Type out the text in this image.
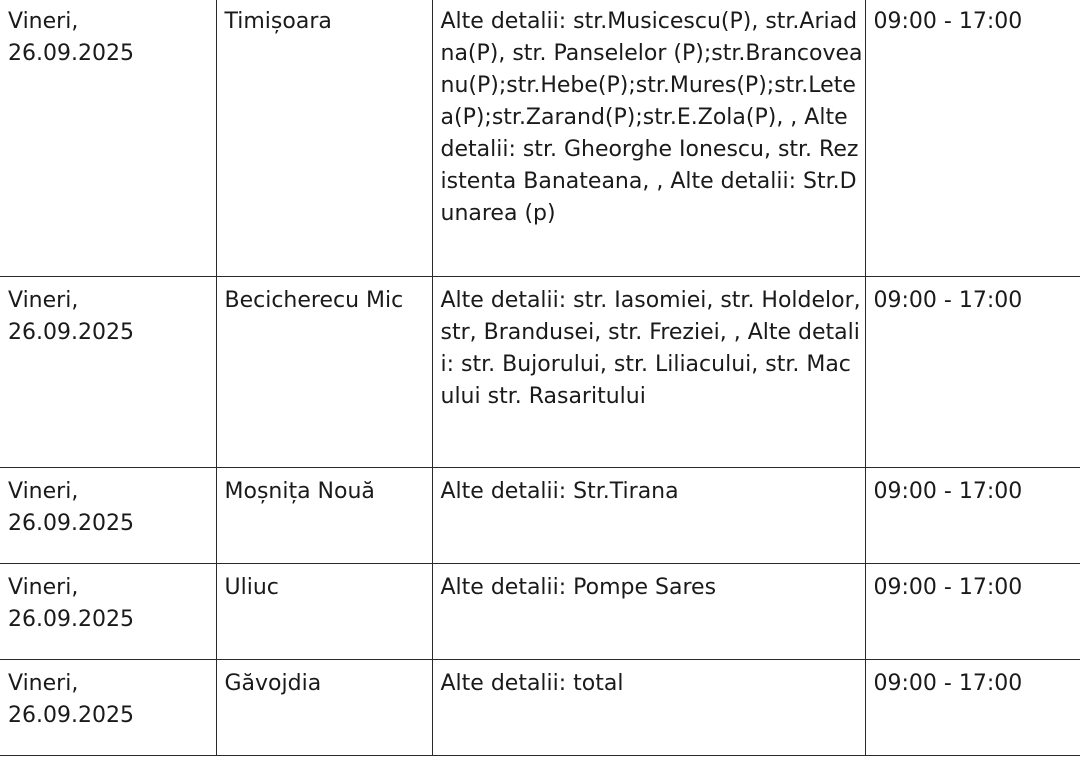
Vineri,
26.09.2025	Timișoara	Alte detalii: str.Musicescu(P), str.Ariadna(P), str. Panselelor (P);str.Brancoveanu(P);str.Hebe(P);str.Mures(P);str.Letea(P);str.Zarand(P);str.E.Zola(P), , Alte detalii: str. Gheorghe Ionescu, str. Rezistenta Banateana, , Alte detalii: Str.Dunarea (p)	09:00 - 17:00

Vineri,
26.09.2025	Becicherecu Mic	Alte detalii: str. Iasomiei, str. Holdelor, str, Brandusei, str. Freziei, , Alte detalii: str. Bujorului, str. Liliacului, str. Macului str. Rasaritului	09:00 - 17:00

Vineri,
26.09.2025	Moșnița Nouă	Alte detalii: Str.Tirana	09:00 - 17:00

Vineri,
26.09.2025	Uliuc	Alte detalii: Pompe Sares	09:00 - 17:00

Vineri,
26.09.2025	Găvojdia	Alte detalii: total	09:00 - 17:00
